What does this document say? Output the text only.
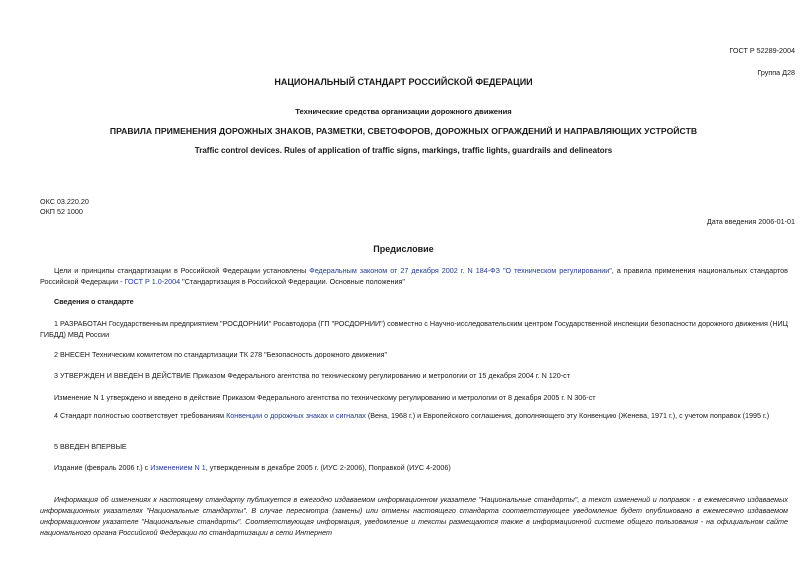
ГОСТ Р 52289-2004
Группа Д28
НАЦИОНАЛЬНЫЙ СТАНДАРТ РОССИЙСКОЙ ФЕДЕРАЦИИ
Технические средства организации дорожного движения
ПРАВИЛА ПРИМЕНЕНИЯ ДОРОЖНЫХ ЗНАКОВ, РАЗМЕТКИ, СВЕТОФОРОВ, ДОРОЖНЫХ ОГРАЖДЕНИЙ И НАПРАВЛЯЮЩИХ УСТРОЙСТВ
Traffic control devices. Rules of application of traffic signs, markings, traffic lights, guardrails and delineators
ОКС 03.220.20
ОКП 52 1000
Дата введения 2006-01-01
Предисловие
Цели и принципы стандартизации в Российской Федерации установлены Федеральным законом от 27 декабря 2002 г. N 184-ФЗ "О техническом регулировании", а правила применения национальных стандартов Российской Федерации - ГОСТ Р 1.0-2004 "Стандартизация в Российской Федерации. Основные положения"
Сведения о стандарте
1 РАЗРАБОТАН Государственным предприятием "РОСДОРНИИ" Росавтодора (ГП "РОСДОРНИИ") совместно с Научно-исследовательским центром Государственной инспекции безопасности дорожного движения (НИЦ ГИБДД) МВД России
2 ВНЕСЕН Техническим комитетом по стандартизации ТК 278 "Безопасность дорожного движения"
3 УТВЕРЖДЕН И ВВЕДЕН В ДЕЙСТВИЕ Приказом Федерального агентства по техническому регулированию и метрологии от 15 декабря 2004 г. N 120-ст
Изменение N 1 утверждено и введено в действие Приказом Федерального агентства по техническому регулированию и метрологии от 8 декабря 2005 г. N 306-ст
4 Стандарт полностью соответствует требованиям Конвенции о дорожных знаках и сигналах (Вена, 1968 г.) и Европейского соглашения, дополняющего эту Конвенцию (Женева, 1971 г.), с учетом поправок (1995 г.)
5 ВВЕДЕН ВПЕРВЫЕ
Издание (февраль 2006 г.) с Изменением N 1, утвержденным в декабре 2005 г. (ИУС 2-2006), Поправкой (ИУС 4-2006)
Информация об изменениях к настоящему стандарту публикуется в ежегодно издаваемом информационном указателе "Национальные стандарты", а текст изменений и поправок - в ежемесячно издаваемых информационных указателях "Национальные стандарты". В случае пересмотра (замены) или отмены настоящего стандарта соответствующее уведомление будет опубликовано в ежемесячно издаваемом информационном указателе "Национальные стандарты". Соответствующая информация, уведомление и тексты размещаются также в информационной системе общего пользования - на официальном сайте национального органа Российской Федерации по стандартизации в сети Интернет
